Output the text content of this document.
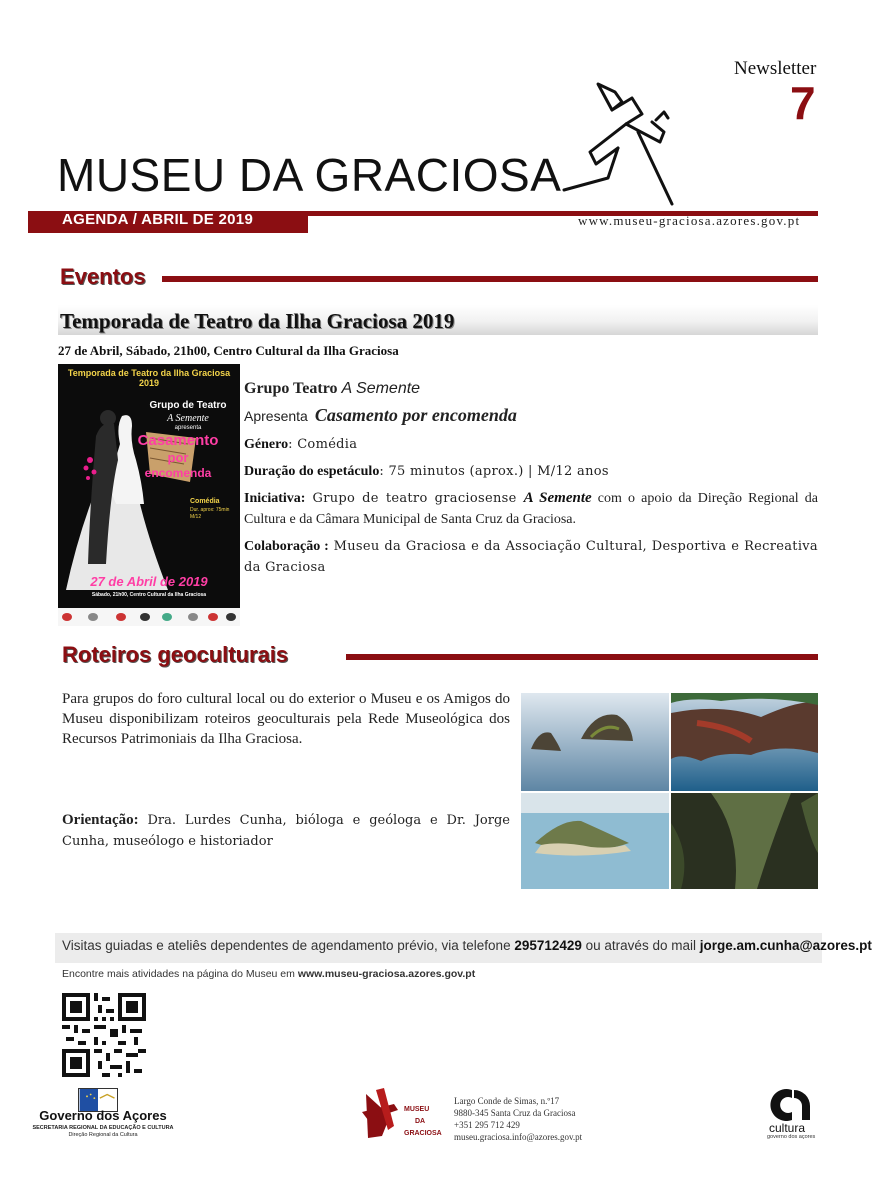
Newsletter
7
MUSEU DA GRACIOSA
AGENDA / ABRIL DE 2019	www.museu-graciosa.azores.gov.pt
Eventos
Temporada de Teatro da Ilha Graciosa 2019
27 de Abril, Sábado, 21h00, Centro Cultural da Ilha Graciosa
Temporada de Teatro da Ilha Graciosa 2019
Grupo de Teatro
A Semente
apresenta
Casamento
por
encomenda
Comédia
Dur. aprox: 75min
M/12
27 de Abril de 2019
Sábado, 21h00, Centro Cultural da Ilha Graciosa

Grupo Teatro A Semente

Apresenta Casamento por encomenda

Género: Comédia

Duração do espetáculo: 75 minutos (aprox.) | M/12 anos

Iniciativa: Grupo de teatro graciosense A Semente com o apoio da Direção Regional da Cultura e da Câmara Municipal de Santa Cruz da Graciosa.

Colaboração : Museu da Graciosa e da Associação Cultural, Desportiva e Recreativa da Graciosa

Roteiros geoculturais
Para grupos do foro cultural local ou do exterior o Museu e os Amigos do Museu disponibilizam roteiros geoculturais pela Rede Museológica dos Recursos Patrimoniais da Ilha Graciosa.
Orientação: Dra. Lurdes Cunha, bióloga e geóloga e Dr. Jorge Cunha, museólogo e historiador
Visitas guiadas e ateliês dependentes de agendamento prévio, via telefone 295712429 ou através do mail jorge.am.cunha@azores.pt
Encontre mais atividades na página do Museu em www.museu-graciosa.azores.gov.pt
Governo dos Açores
SECRETARIA REGIONAL DA EDUCAÇÃO E CULTURA
Direção Regional da Cultura
MUSEU
DA
GRACIOSA
Largo Conde de Simas, n.º17
9880-345 Santa Cruz da Graciosa
+351 295 712 429
museu.graciosa.info@azores.gov.pt
cultura
governo dos açores
